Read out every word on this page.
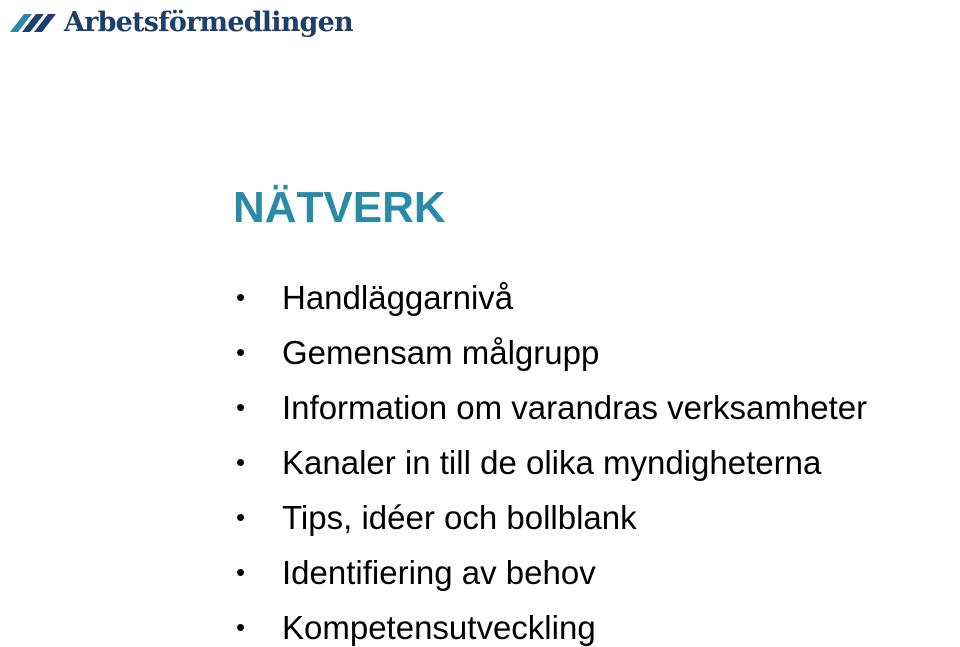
Arbetsförmedlingen
NÄTVERK
• Handläggarnivå
• Gemensam målgrupp
• Information om varandras verksamheter
• Kanaler in till de olika myndigheterna
• Tips, idéer och bollblank
• Identifiering av behov
• Kompetensutveckling
